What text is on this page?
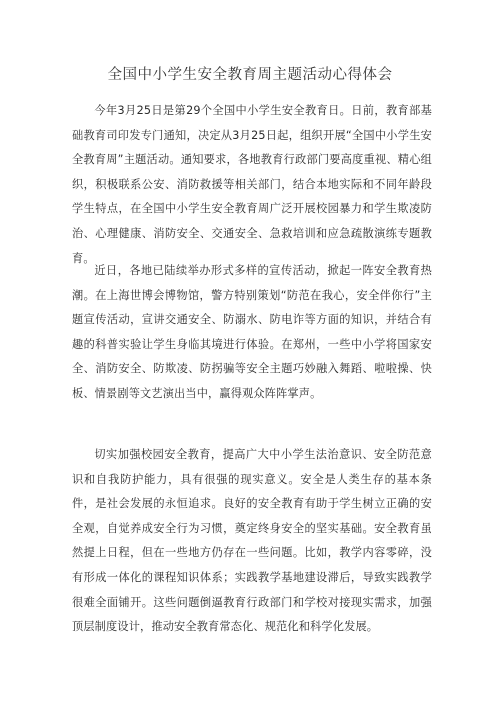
全国中小学生安全教育周主题活动心得体会

今年3月25日是第29个全国中小学生安全教育日。日前，教育部基础教育司印发专门通知，决定从3月25日起，组织开展“全国中小学生安全教育周”主题活动。通知要求，各地教育行政部门要高度重视、精心组织，积极联系公安、消防救援等相关部门，结合本地实际和不同年龄段学生特点，在全国中小学生安全教育周广泛开展校园暴力和学生欺凌防治、心理健康、消防安全、交通安全、急救培训和应急疏散演练专题教育。

近日，各地已陆续举办形式多样的宣传活动，掀起一阵安全教育热潮。在上海世博会博物馆，警方特别策划“防范在我心，安全伴你行”主题宣传活动，宣讲交通安全、防溺水、防电诈等方面的知识，并结合有趣的科普实验让学生身临其境进行体验。在郑州，一些中小学将国家安全、消防安全、防欺凌、防拐骗等安全主题巧妙融入舞蹈、啦啦操、快板、情景剧等文艺演出当中，赢得观众阵阵掌声。

切实加强校园安全教育，提高广大中小学生法治意识、安全防范意识和自我防护能力，具有很强的现实意义。安全是人类生存的基本条件，是社会发展的永恒追求。良好的安全教育有助于学生树立正确的安全观，自觉养成安全行为习惯，奠定终身安全的坚实基础。安全教育虽然提上日程，但在一些地方仍存在一些问题。比如，教学内容零碎，没有形成一体化的课程知识体系；实践教学基地建设滞后，导致实践教学很难全面铺开。这些问题倒逼教育行政部门和学校对接现实需求，加强顶层制度设计，推动安全教育常态化、规范化和科学化发展。
